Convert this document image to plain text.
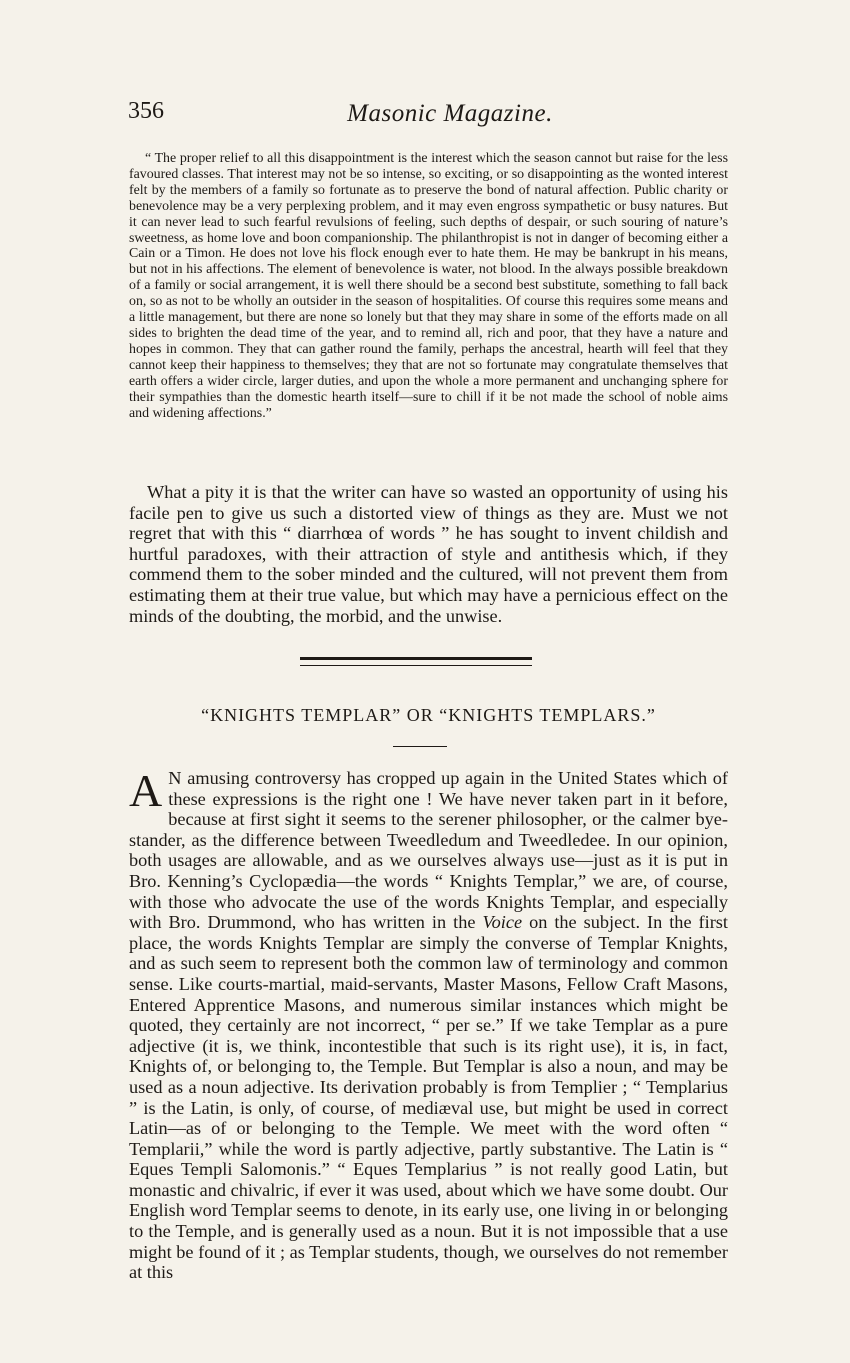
356	Masonic Magazine.

“ The proper relief to all this disappointment is the interest which the season cannot but raise for the less favoured classes. That interest may not be so intense, so exciting, or so disappointing as the wonted interest felt by the members of a family so fortunate as to preserve the bond of natural affection. Public charity or benevolence may be a very perplexing problem, and it may even engross sympathetic or busy natures. But it can never lead to such fearful revulsions of feeling, such depths of despair, or such souring of nature’s sweetness, as home love and boon companionship. The philanthropist is not in danger of becoming either a Cain or a Timon. He does not love his flock enough ever to hate them. He may be bankrupt in his means, but not in his affections. The element of benevolence is water, not blood. In the always possible breakdown of a family or social arrangement, it is well there should be a second best substitute, something to fall back on, so as not to be wholly an outsider in the season of hospitalities. Of course this requires some means and a little management, but there are none so lonely but that they may share in some of the efforts made on all sides to brighten the dead time of the year, and to remind all, rich and poor, that they have a nature and hopes in common. They that can gather round the family, perhaps the ancestral, hearth will feel that they cannot keep their happiness to themselves; they that are not so fortunate may congratulate themselves that earth offers a wider circle, larger duties, and upon the whole a more permanent and unchanging sphere for their sympathies than the domestic hearth itself—sure to chill if it be not made the school of noble aims and widening affections.”

What a pity it is that the writer can have so wasted an opportunity of using his facile pen to give us such a distorted view of things as they are. Must we not regret that with this “ diarrhœa of words ” he has sought to invent childish and hurtful paradoxes, with their attraction of style and antithesis which, if they commend them to the sober minded and the cultured, will not prevent them from estimating them at their true value, but which may have a pernicious effect on the minds of the doubting, the morbid, and the unwise.

“KNIGHTS TEMPLAR” OR “KNIGHTS TEMPLARS.”

A N amusing controversy has cropped up again in the United States which of these expressions is the right one ! We have never taken part in it before, because at first sight it seems to the serener philosopher, or the calmer bye-stander, as the difference between Tweedledum and Tweedledee. In our opinion, both usages are allowable, and as we ourselves always use—just as it is put in Bro. Kenning’s Cyclopædia—the words “ Knights Templar,” we are, of course, with those who advocate the use of the words Knights Templar, and especially with Bro. Drummond, who has written in the Voice on the subject. In the first place, the words Knights Templar are simply the converse of Templar Knights, and as such seem to represent both the common law of terminology and common sense. Like courts-martial, maid-servants, Master Masons, Fellow Craft Masons, Entered Apprentice Masons, and numerous similar instances which might be quoted, they certainly are not incorrect, “ per se.” If we take Templar as a pure adjective (it is, we think, incontestible that such is its right use), it is, in fact, Knights of, or belonging to, the Temple. But Templar is also a noun, and may be used as a noun adjective. Its derivation probably is from Templier ; “ Templarius ” is the Latin, is only, of course, of mediæval use, but might be used in correct Latin—as of or belonging to the Temple. We meet with the word often “ Templarii,” while the word is partly adjective, partly substantive. The Latin is “ Eques Templi Salomonis.” “ Eques Templarius ” is not really good Latin, but monastic and chivalric, if ever it was used, about which we have some doubt. Our English word Templar seems to denote, in its early use, one living in or belonging to the Temple, and is generally used as a noun. But it is not impossible that a use might be found of it ; as Templar students, though, we ourselves do not remember at this
